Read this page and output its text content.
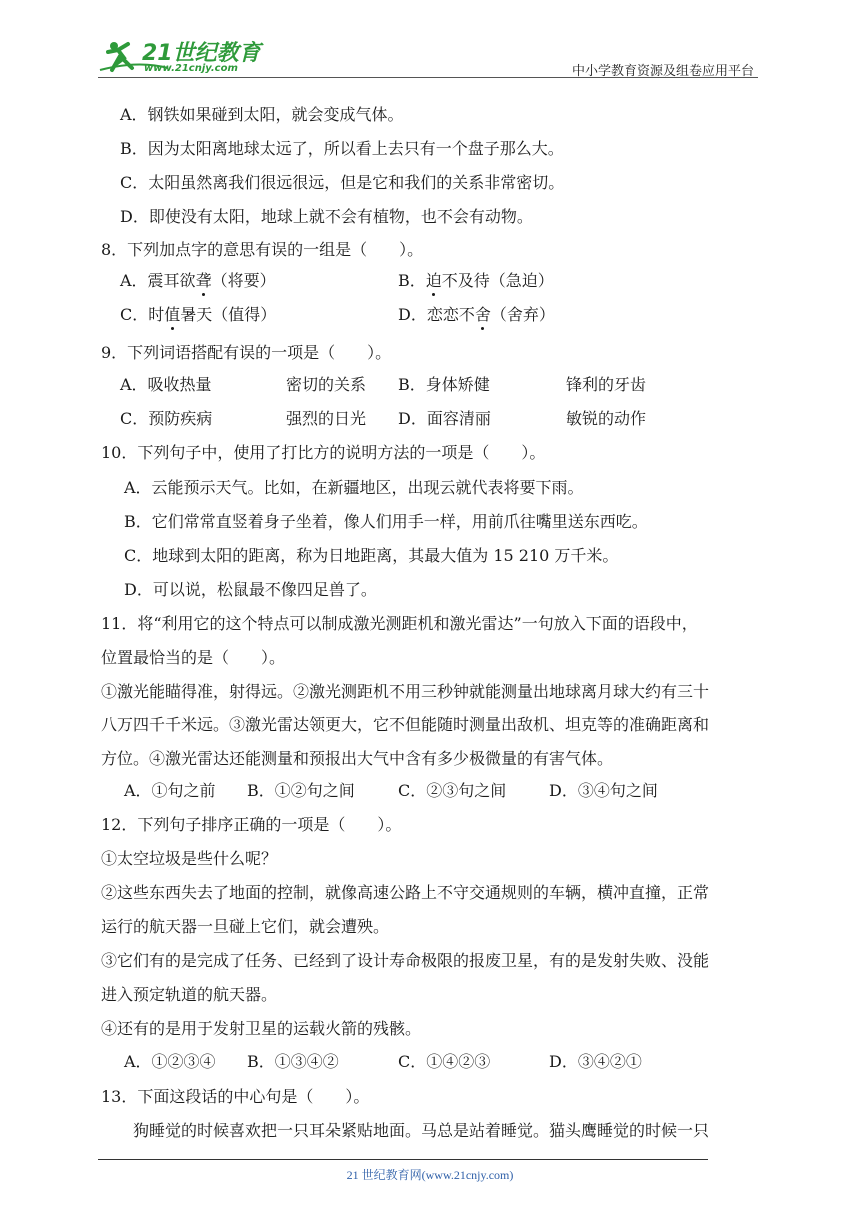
21世纪教育
www.21cnjy.com	中小学教育资源及组卷应用平台
A．钢铁如果碰到太阳，就会变成气体。
B．因为太阳离地球太远了，所以看上去只有一个盘子那么大。
C．太阳虽然离我们很远很远，但是它和我们的关系非常密切。
D．即使没有太阳，地球上就不会有植物，也不会有动物。
8．下列加点字的意思有误的一组是（　　）。
A．震耳欲聋（将要）	B．迫不及待（急迫）
C．时值暑天（值得）	D．恋恋不舍（舍弃）
9．下列词语搭配有误的一项是（　　）。
A．吸收热量	密切的关系 B．身体矫健	锋利的牙齿
C．预防疾病	强烈的日光 D．面容清丽	敏锐的动作
10．下列句子中，使用了打比方的说明方法的一项是（　　）。
A．云能预示天气。比如，在新疆地区，出现云就代表将要下雨。
B．它们常常直竖着身子坐着，像人们用手一样，用前爪往嘴里送东西吃。
C．地球到太阳的距离，称为日地距离，其最大值为 15 210 万千米。
D．可以说，松鼠最不像四足兽了。
11．将“利用它的这个特点可以制成激光测距机和激光雷达”一句放入下面的语段中，
位置最恰当的是（　　）。
①激光能瞄得准，射得远。②激光测距机不用三秒钟就能测量出地球离月球大约有三十
八万四千千米远。③激光雷达领更大，它不但能随时测量出敌机、坦克等的准确距离和
方位。④激光雷达还能测量和预报出大气中含有多少极微量的有害气体。
A．①句之前 B．①②句之间	C．②③句之间	D．③④句之间
12．下列句子排序正确的一项是（　　）。
①太空垃圾是些什么呢？
②这些东西失去了地面的控制，就像高速公路上不守交通规则的车辆，横冲直撞，正常
运行的航天器一旦碰上它们，就会遭殃。
③它们有的是完成了任务、已经到了设计寿命极限的报废卫星，有的是发射失败、没能
进入预定轨道的航天器。
④还有的是用于发射卫星的运载火箭的残骸。
A．①②③④ B．①③④②	C．①④②③	D．③④②①
13．下面这段话的中心句是（　　）。
狗睡觉的时候喜欢把一只耳朵紧贴地面。马总是站着睡觉。猫头鹰睡觉的时候一只
21 世纪教育网(www.21cnjy.com)
